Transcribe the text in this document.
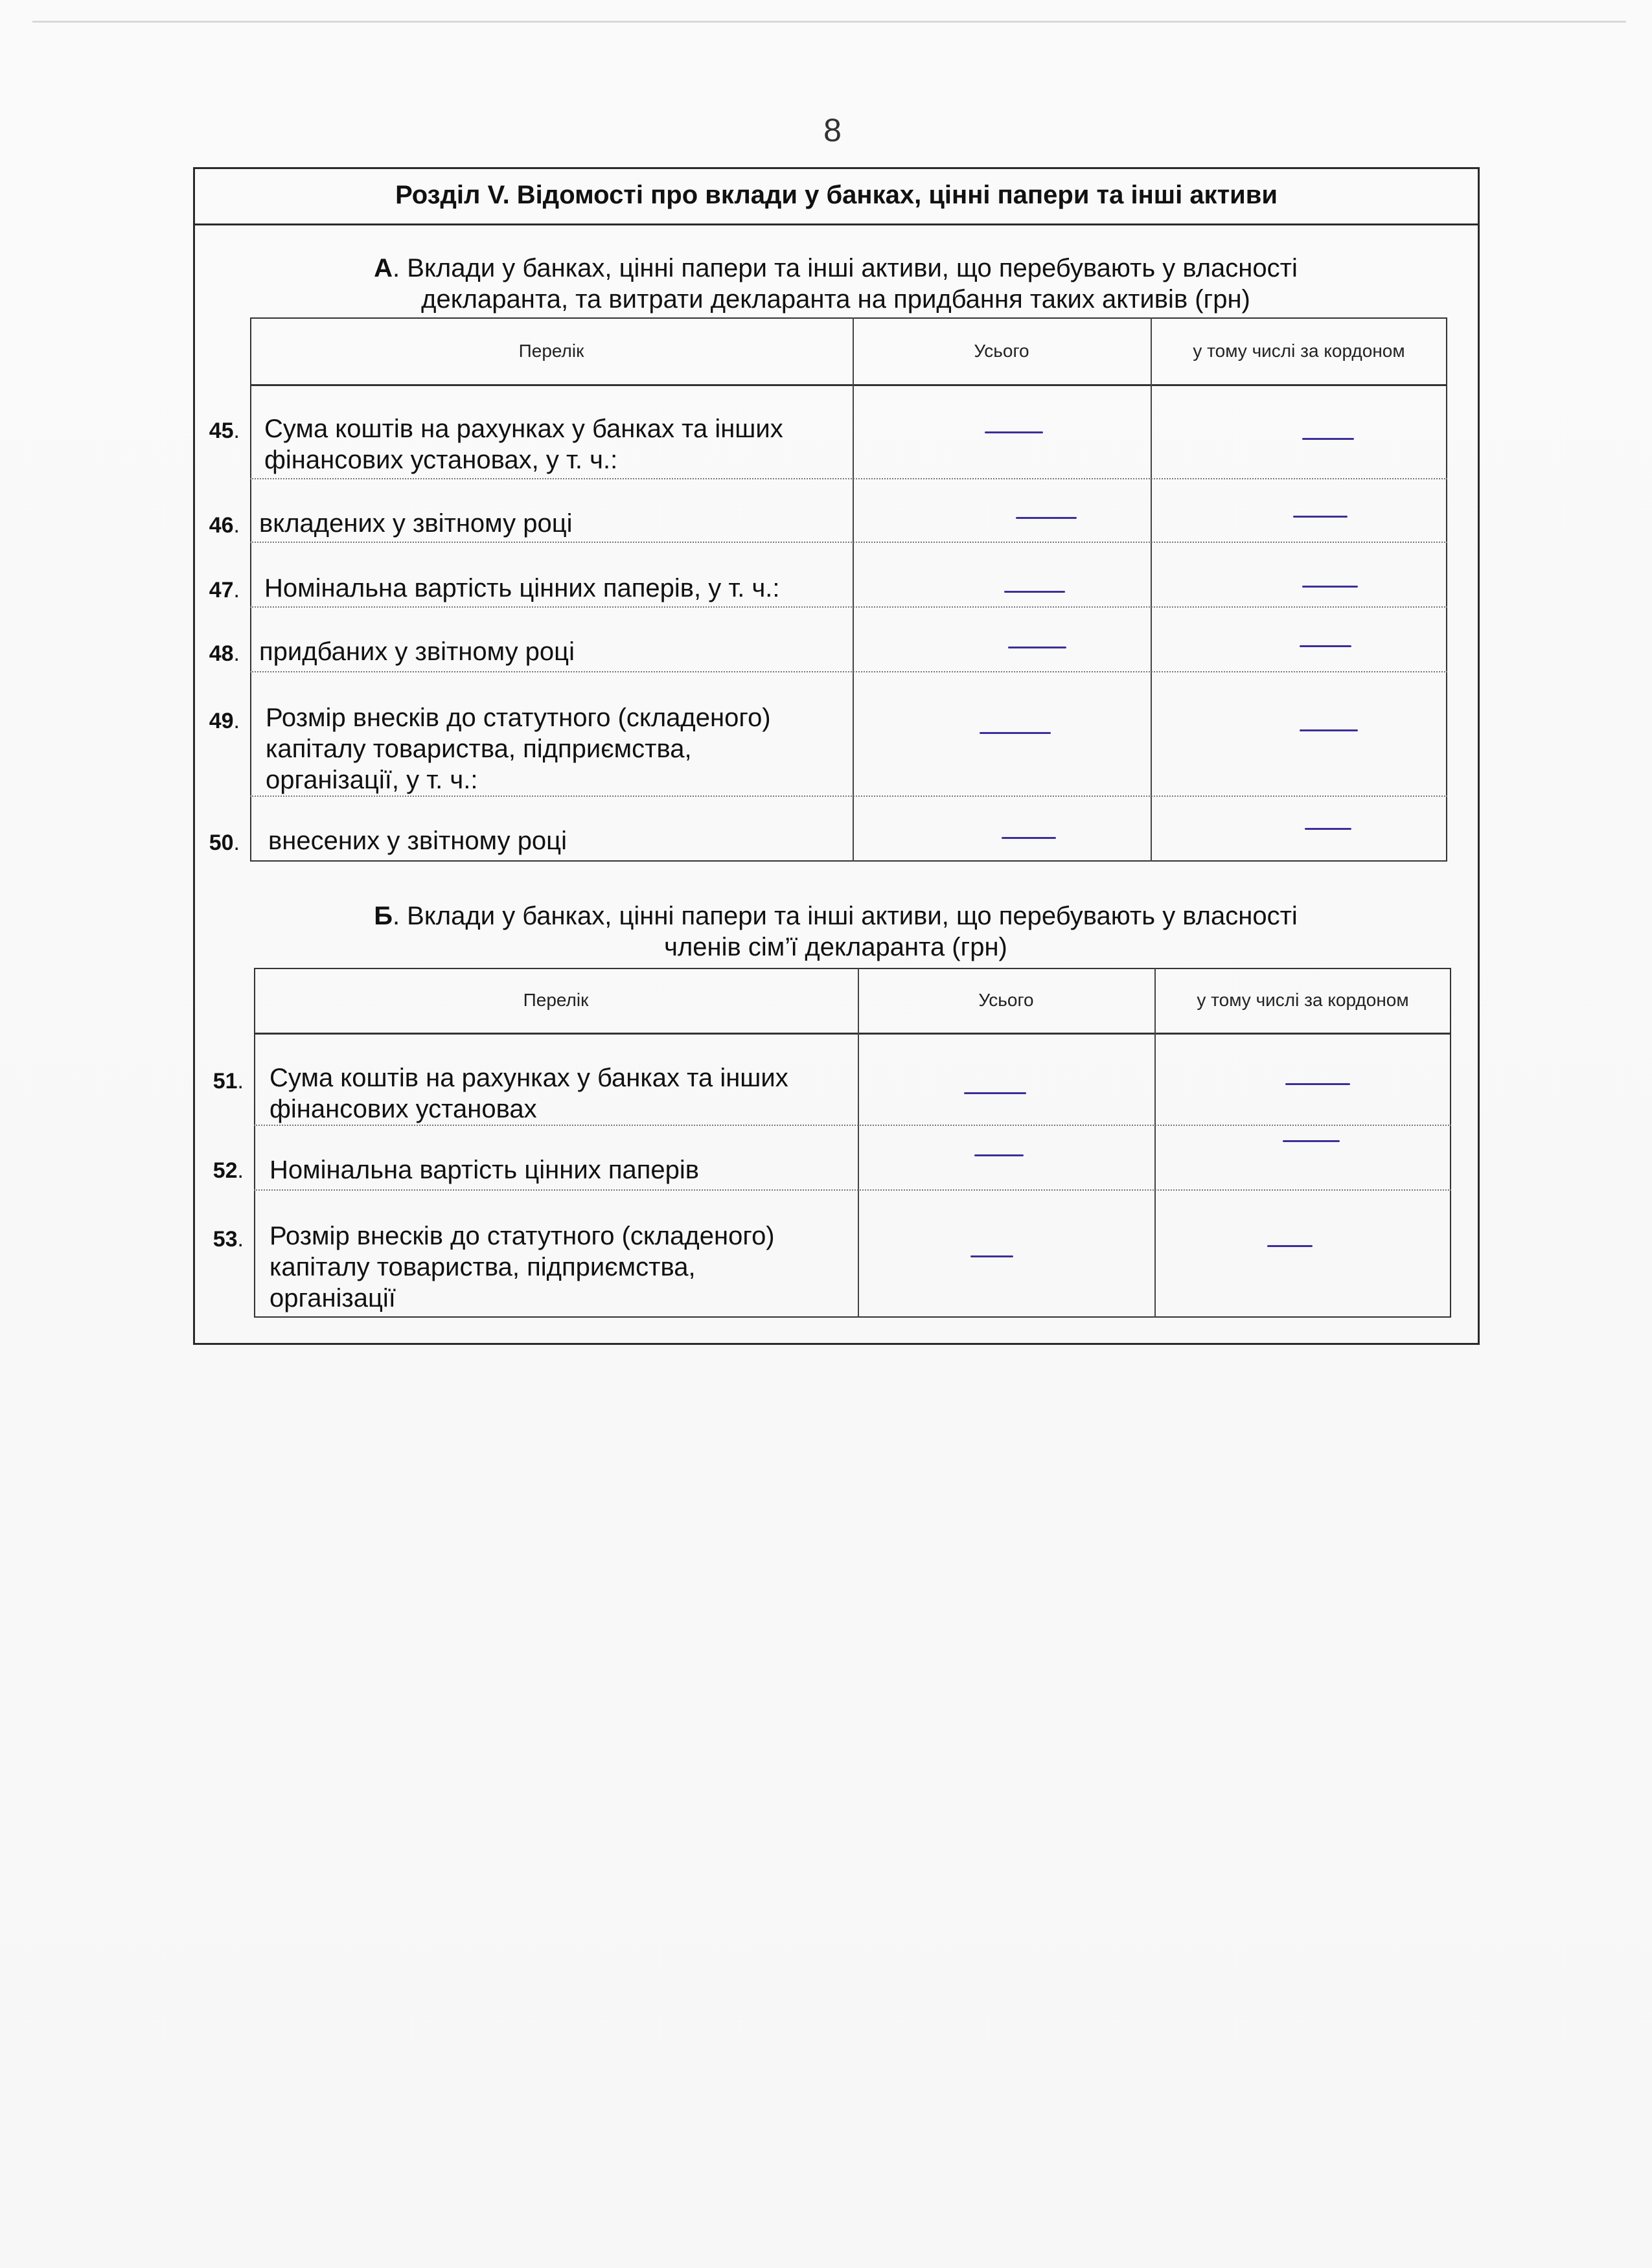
8
Розділ V. Відомості про вклади у банках, цінні папери та інші активи
А. Вклади у банках, цінні папери та інші активи, що перебувають у власності
декларанта, та витрати декларанта на придбання таких активів (грн)
Перелік	Усього	у тому числі за кордоном
45. Сума коштів на рахунках у банках та інших
фінансових установах, у т. ч.:
46. вкладених у звітному році
47. Номінальна вартість цінних паперів, у т. ч.:
48. придбаних у звітному році
49. Розмір внесків до статутного (складеного)
капіталу товариства, підприємства,
організації, у т. ч.:
50. внесених у звітному році
Б. Вклади у банках, цінні папери та інші активи, що перебувають у власності
членів сім’ї декларанта (грн)
Перелік	Усього	у тому числі за кордоном
51. Сума коштів на рахунках у банках та інших
фінансових установах
52. Номінальна вартість цінних паперів
53. Розмір внесків до статутного (складеного)
капіталу товариства, підприємства,
організації
